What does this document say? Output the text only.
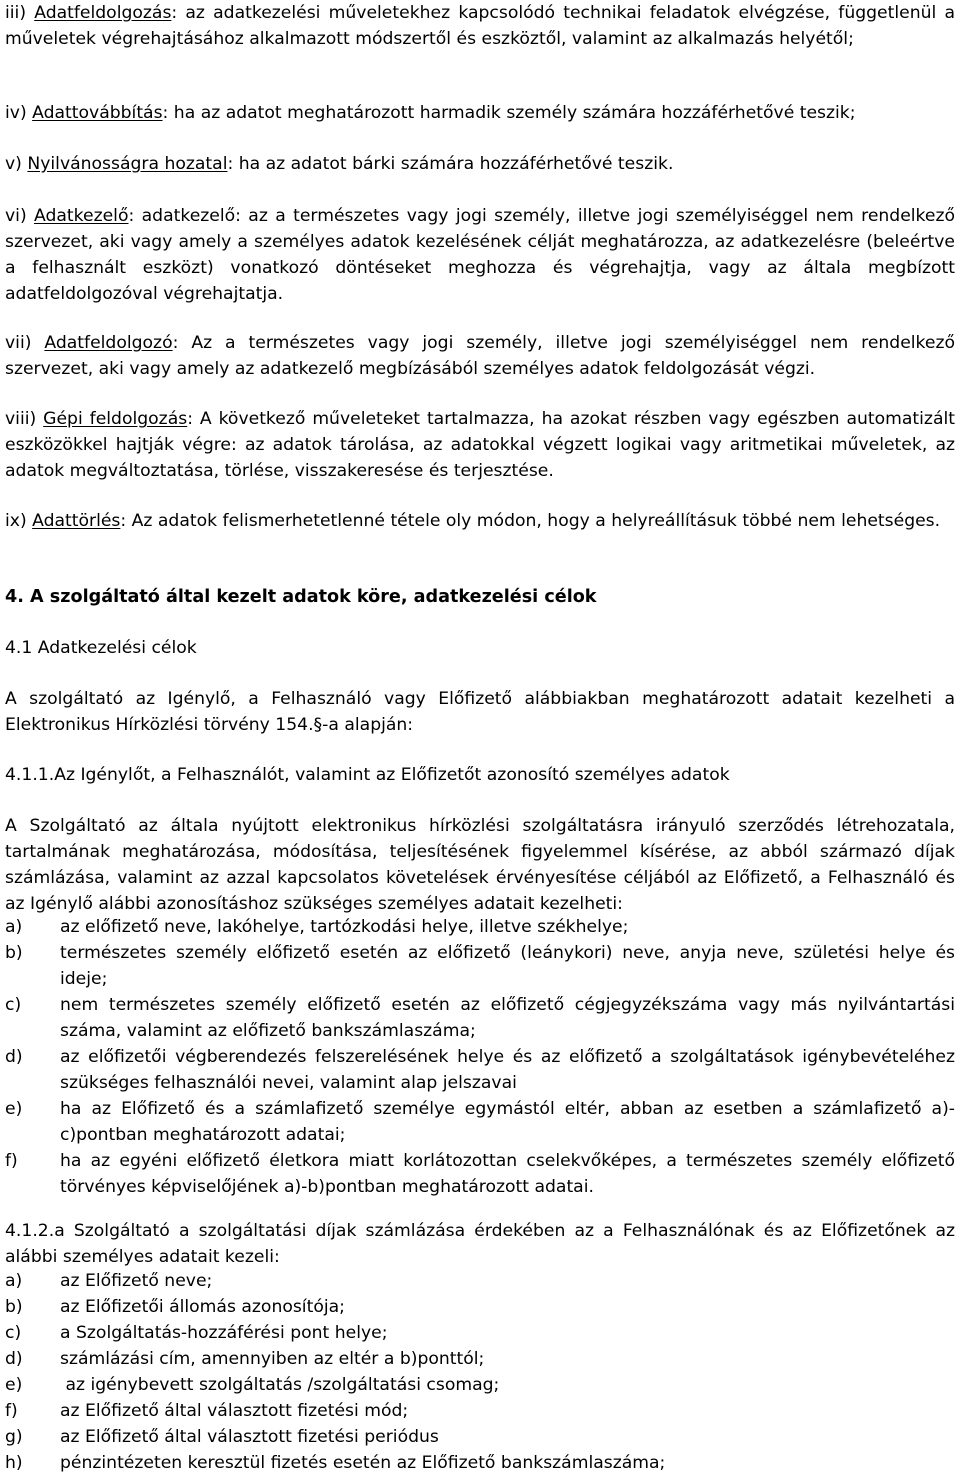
iii) Adatfeldolgozás: az adatkezelési műveletekhez kapcsolódó technikai feladatok elvégzése, függetlenül a műveletek végrehajtásához alkalmazott módszertől és eszköztől, valamint az alkalmazás helyétől;

iv) Adattovábbítás: ha az adatot meghatározott harmadik személy számára hozzáférhetővé teszik;

v) Nyilvánosságra hozatal: ha az adatot bárki számára hozzáférhetővé teszik.

vi) Adatkezelő: adatkezelő: az a természetes vagy jogi személy, illetve jogi személyiséggel nem rendelkező szervezet, aki vagy amely a személyes adatok kezelésének célját meghatározza, az adatkezelésre (beleértve a felhasznált eszközt) vonatkozó döntéseket meghozza és végrehajtja, vagy az általa megbízott adatfeldolgozóval végrehajtatja.

vii) Adatfeldolgozó: Az a természetes vagy jogi személy, illetve jogi személyiséggel nem rendelkező szervezet, aki vagy amely az adatkezelő megbízásából személyes adatok feldolgozását végzi.

viii) Gépi feldolgozás: A következő műveleteket tartalmazza, ha azokat részben vagy egészben automatizált eszközökkel hajtják végre: az adatok tárolása, az adatokkal végzett logikai vagy aritmetikai műveletek, az adatok megváltoztatása, törlése, visszakeresése és terjesztése.

ix) Adattörlés: Az adatok felismerhetetlenné tétele oly módon, hogy a helyreállításuk többé nem lehetséges.

4. A szolgáltató által kezelt adatok köre, adatkezelési célok

4.1 Adatkezelési célok

A szolgáltató az Igénylő, a Felhasználó vagy Előfizető alábbiakban meghatározott adatait kezelheti a Elektronikus Hírközlési törvény 154.§-a alapján:

4.1.1.Az Igénylőt, a Felhasználót, valamint az Előfizetőt azonosító személyes adatok

A Szolgáltató az általa nyújtott elektronikus hírközlési szolgáltatásra irányuló szerződés létrehozatala, tartalmának meghatározása, módosítása, teljesítésének figyelemmel kísérése, az abból származó díjak számlázása, valamint az azzal kapcsolatos követelések érvényesítése céljából az Előfizető, a Felhasználó és az Igénylő alábbi azonosításhoz szükséges személyes adatait kezelheti:

a)	az előfizető neve, lakóhelye, tartózkodási helye, illetve székhelye;
b)	természetes személy előfizető esetén az előfizető (leánykori) neve, anyja neve, születési helye és ideje;
c)	nem természetes személy előfizető esetén az előfizető cégjegyzékszáma vagy más nyilvántartási száma, valamint az előfizető bankszámlaszáma;
d)	az előfizetői végberendezés felszerelésének helye és az előfizető a szolgáltatások igénybevételéhez szükséges felhasználói nevei, valamint alap jelszavai
e)	ha az Előfizető és a számlafizető személye egymástól eltér, abban az esetben a számlafizető a)-c)pontban meghatározott adatai;
f)	ha az egyéni előfizető életkora miatt korlátozottan cselekvőképes, a természetes személy előfizető törvényes képviselőjének a)-b)pontban meghatározott adatai.

4.1.2.a Szolgáltató a szolgáltatási díjak számlázása érdekében az a Felhasználónak és az Előfizetőnek az alábbi személyes adatait kezeli:

a)	az Előfizető neve;
b)	az Előfizetői állomás azonosítója;
c)	a Szolgáltatás-hozzáférési pont helye;
d)	számlázási cím, amennyiben az eltér a b)ponttól;
e)	az igénybevett szolgáltatás /szolgáltatási csomag;
f)	az Előfizető által választott fizetési mód;
g)	az Előfizető által választott fizetési periódus
h)	pénzintézeten keresztül fizetés esetén az Előfizető bankszámlaszáma;
